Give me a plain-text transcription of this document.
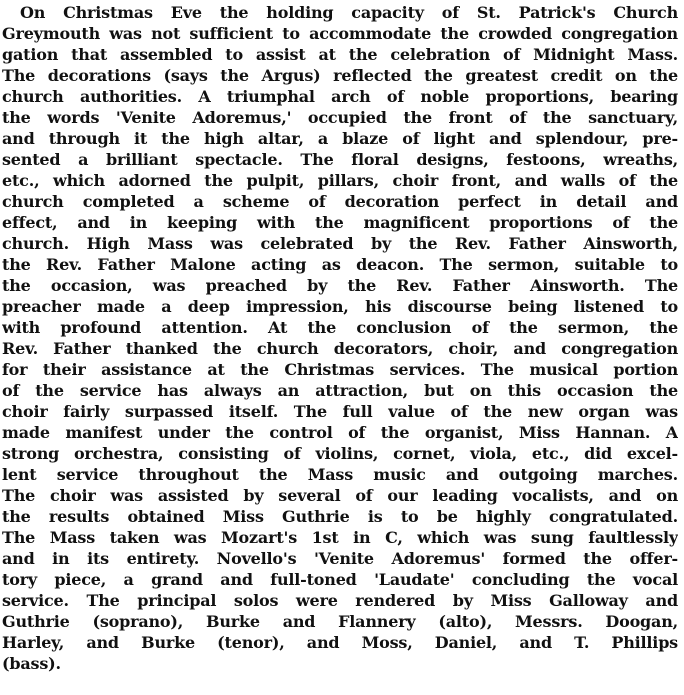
On Christmas Eve the holding capacity of St. Patrick's Church
Greymouth was not sufficient to accommodate the crowded congregation
gation that assembled to assist at the celebration of Midnight Mass.
The decorations (says the Argus) reflected the greatest credit on the
church authorities. A triumphal arch of noble proportions, bearing
the words 'Venite Adoremus,' occupied the front of the sanctuary,
and through it the high altar, a blaze of light and splendour, pre-
sented a brilliant spectacle. The floral designs, festoons, wreaths,
etc., which adorned the pulpit, pillars, choir front, and walls of the
church completed a scheme of decoration perfect in detail and
effect, and in keeping with the magnificent proportions of the
church. High Mass was celebrated by the Rev. Father Ainsworth,
the Rev. Father Malone acting as deacon. The sermon, suitable to
the occasion, was preached by the Rev. Father Ainsworth. The
preacher made a deep impression, his discourse being listened to
with profound attention. At the conclusion of the sermon, the
Rev. Father thanked the church decorators, choir, and congregation
for their assistance at the Christmas services. The musical portion
of the service has always an attraction, but on this occasion the
choir fairly surpassed itself. The full value of the new organ was
made manifest under the control of the organist, Miss Hannan. A
strong orchestra, consisting of violins, cornet, viola, etc., did excel-
lent service throughout the Mass music and outgoing marches.
The choir was assisted by several of our leading vocalists, and on
the results obtained Miss Guthrie is to be highly congratulated.
The Mass taken was Mozart's 1st in C, which was sung faultlessly
and in its entirety. Novello's 'Venite Adoremus' formed the offer-
tory piece, a grand and full-toned 'Laudate' concluding the vocal
service. The principal solos were rendered by Miss Galloway and
Guthrie (soprano), Burke and Flannery (alto), Messrs. Doogan,
Harley, and Burke (tenor), and Moss, Daniel, and T. Phillips
(bass).
